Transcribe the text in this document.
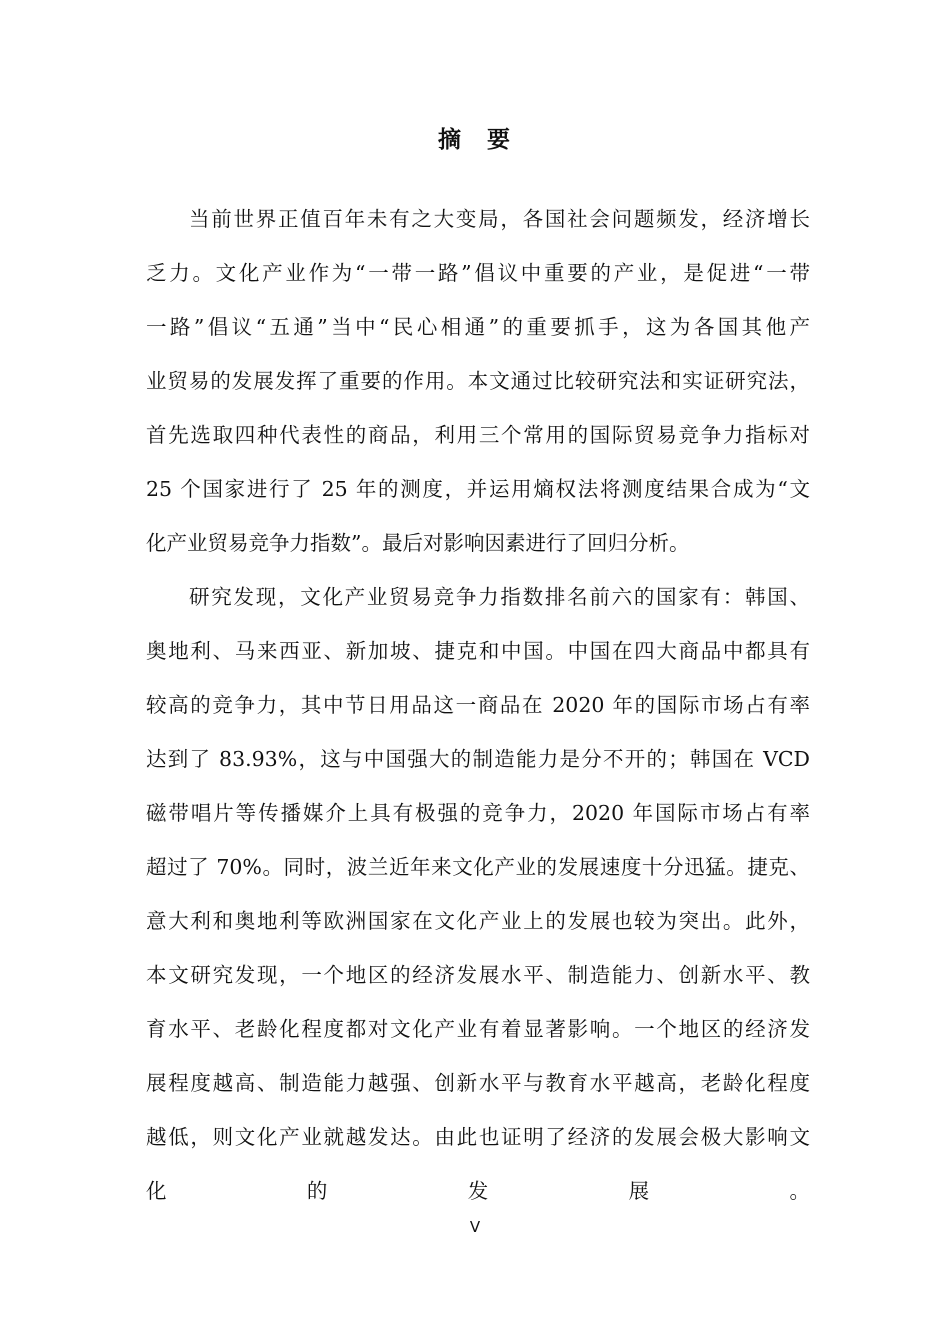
摘 要
当前世界正值百年未有之大变局，各国社会问题频发，经济增长
乏力。文化产业作为“一带一路”倡议中重要的产业，是促进“一带
一路”倡议“五通”当中“民心相通”的重要抓手，这为各国其他产
业贸易的发展发挥了重要的作用。本文通过比较研究法和实证研究法，
首先选取四种代表性的商品，利用三个常用的国际贸易竞争力指标对
25 个国家进行了 25 年的测度，并运用熵权法将测度结果合成为“文
化产业贸易竞争力指数”。最后对影响因素进行了回归分析。
研究发现，文化产业贸易竞争力指数排名前六的国家有：韩国、
奥地利、马来西亚、新加坡、捷克和中国。中国在四大商品中都具有
较高的竞争力，其中节日用品这一商品在 2020 年的国际市场占有率
达到了 83.93%，这与中国强大的制造能力是分不开的；韩国在 VCD
磁带唱片等传播媒介上具有极强的竞争力，2020 年国际市场占有率
超过了 70%。同时，波兰近年来文化产业的发展速度十分迅猛。捷克、
意大利和奥地利等欧洲国家在文化产业上的发展也较为突出。此外，
本文研究发现，一个地区的经济发展水平、制造能力、创新水平、教
育水平、老龄化程度都对文化产业有着显著影响。一个地区的经济发
展程度越高、制造能力越强、创新水平与教育水平越高，老龄化程度
越低，则文化产业就越发达。由此也证明了经济的发展会极大影响文
化的发展。
V
